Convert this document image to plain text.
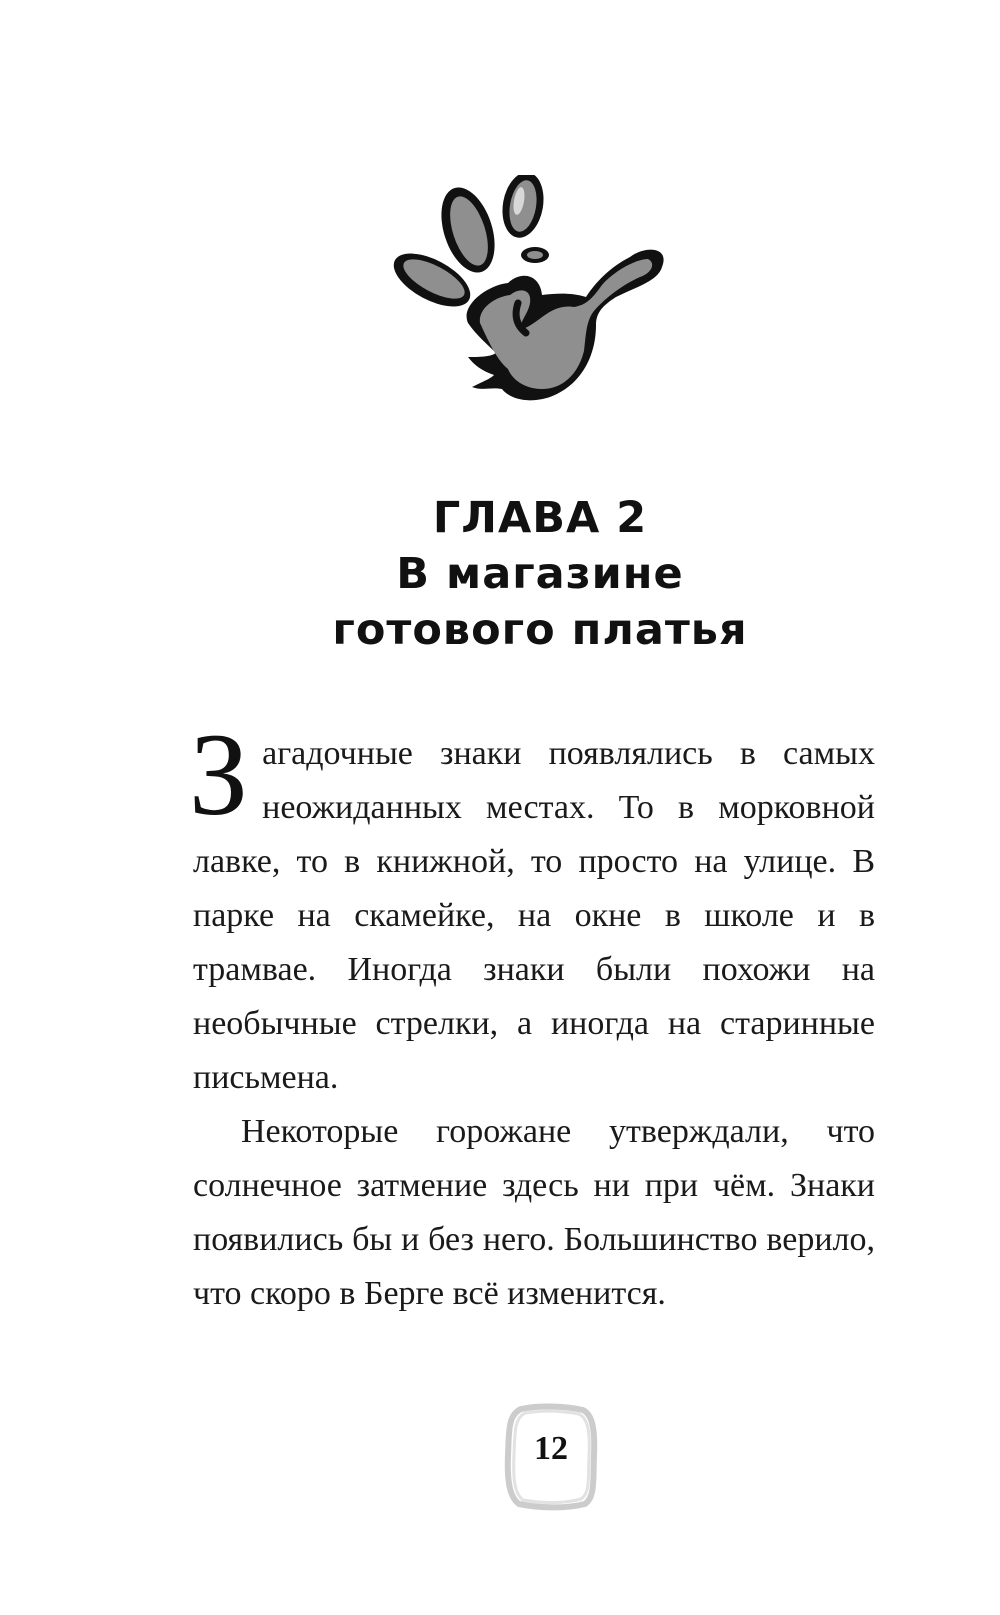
ГЛАВА 2
В магазине
готового платья

Загадочные знаки появлялись в самых неожиданных местах. То в морковной лавке, то в книжной, то просто на улице. В парке на скамейке, на окне в школе и в трамвае. Иногда знаки были похожи на необычные стрелки, а иногда на старинные письмена.

Некоторые горожане утверждали, что солнечное затмение здесь ни при чём. Знаки появились бы и без него. Большинство верило, что скоро в Берге всё изменится.

12
